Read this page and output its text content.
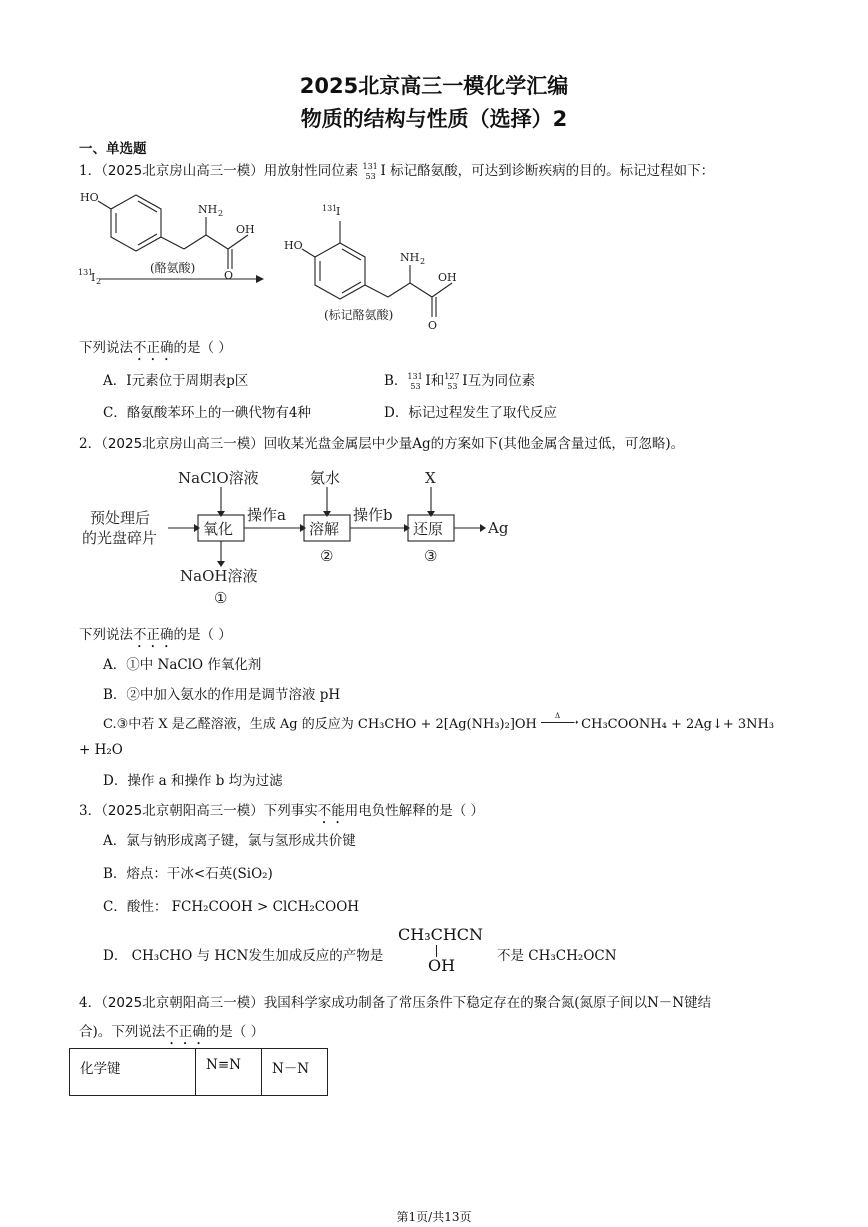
2025北京高三一模化学汇编
物质的结构与性质（选择）2
一、单选题
1．（2025北京房山高三一模）用放射性同位素 131
53 I 标记酪氨酸，可达到诊断疾病的目的。标记过程如下：
HO
NH 2
OH
O
131
I 2
(酪氨酸)
131
I
HO
NH 2
OH
O
(标记酪氨酸)
下列说法不正确的是（ ）
A．I元素位于周期表p区	B． 131
53 I和 127
53 I互为同位素
C．酪氨酸苯环上的一碘代物有4种	D．标记过程发生了取代反应
2．（2025北京房山高三一模）回收某光盘金属层中少量Ag的方案如下(其他金属含量过低，可忽略)。
预处理后
的光盘碎片	氧化	溶解	还原
NaClO溶液	氨水	X
NaOH溶液
操作a	操作b
Ag
①
②	③
下列说法不正确的是（ ）
A．①中 NaClO 作氧化剂
B．②中加入氨水的作用是调节溶液 pH
C.③中若 X 是乙醛溶液，生成 Ag 的反应为 CH₃CHO + 2[Ag(NH₃)₂]OH
Δ
➝ CH₃COONH₄ + 2Ag↓+ 3NH₃
+ H₂O
D．操作 a 和操作 b 均为过滤
3．（2025北京朝阳高三一模）下列事实不能用电负性解释的是（ ）
A．氯与钠形成离子键，氯与氢形成共价键
B．熔点：干冰<石英(SiO₂)
C．酸性： FCH₂COOH > ClCH₂COOH
D． CH₃CHO 与 HCN发生加成反应的产物是
CH₃CHCN
OH	不是 CH₃CH₂OCN
4．（2025北京朝阳高三一模）我国科学家成功制备了常压条件下稳定存在的聚合氮(氮原子间以N－N键结
合)。下列说法不正确的是（ ）
化学键	N≡N	N－N
第1页/共13页
